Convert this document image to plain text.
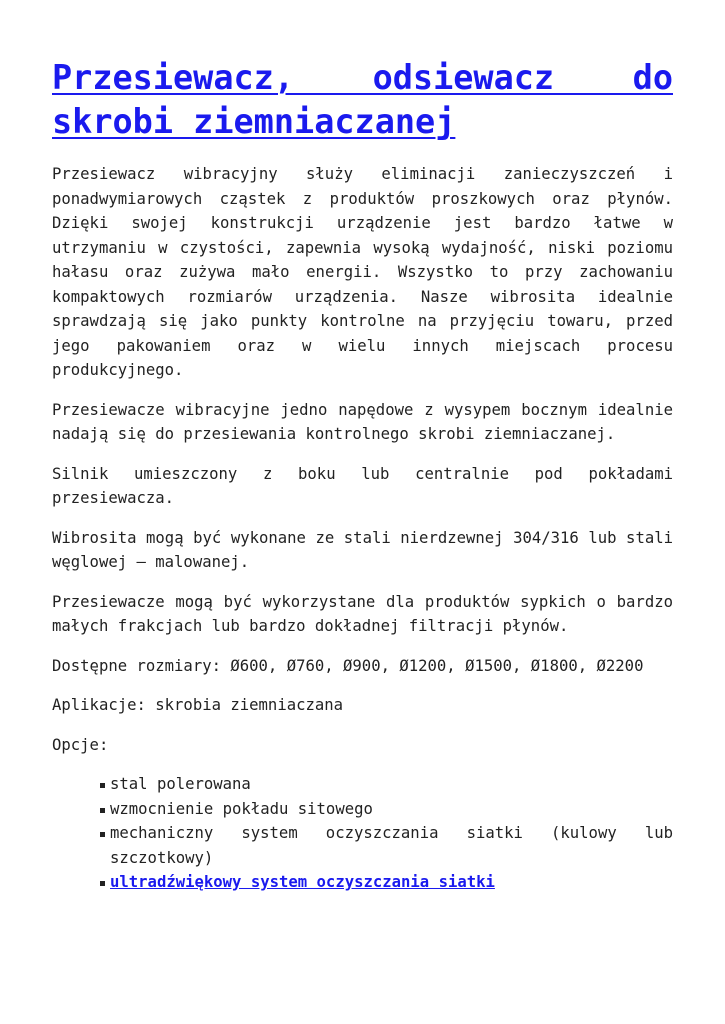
Przesiewacz, odsiewacz do skrobi ziemniaczanej

Przesiewacz wibracyjny służy eliminacji zanieczyszczeń i ponadwymiarowych cząstek z produktów proszkowych oraz płynów. Dzięki swojej konstrukcji urządzenie jest bardzo łatwe w utrzymaniu w czystości, zapewnia wysoką wydajność, niski poziomu hałasu oraz zużywa mało energii. Wszystko to przy zachowaniu kompaktowych rozmiarów urządzenia. Nasze wibrosita idealnie sprawdzają się jako punkty kontrolne na przyjęciu towaru, przed jego pakowaniem oraz w wielu innych miejscach procesu produkcyjnego.

Przesiewacze wibracyjne jedno napędowe z wysypem bocznym idealnie nadają się do przesiewania kontrolnego skrobi ziemniaczanej.

Silnik umieszczony z boku lub centralnie pod pokładami przesiewacza.

Wibrosita mogą być wykonane ze stali nierdzewnej 304/316 lub stali węglowej – malowanej.

Przesiewacze mogą być wykorzystane dla produktów sypkich o bardzo małych frakcjach lub bardzo dokładnej filtracji płynów.

Dostępne rozmiary: Ø600, Ø760, Ø900, Ø1200, Ø1500, Ø1800, Ø2200

Aplikacje: skrobia ziemniaczana

Opcje:

stal polerowana
wzmocnienie pokładu sitowego
mechaniczny system oczyszczania siatki (kulowy lub szczotkowy)
ultradźwiękowy system oczyszczania siatki
